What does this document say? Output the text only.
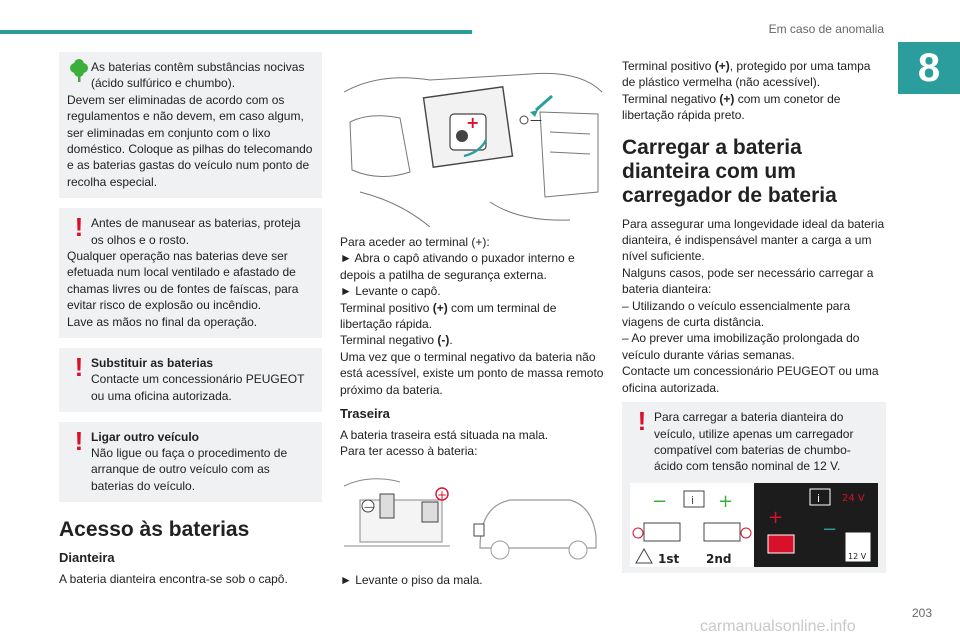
Em caso de anomalia
8

As baterias contêm substâncias nocivas (ácido sulfúrico e chumbo).

Devem ser eliminadas de acordo com os regulamentos e não devem, em caso algum, ser eliminadas em conjunto com o lixo doméstico. Coloque as pilhas do telecomando e as baterias gastas do veículo num ponto de recolha especial.

! Antes de manusear as baterias, proteja os olhos e o rosto.

Qualquer operação nas baterias deve ser efetuada num local ventilado e afastado de chamas livres ou de fontes de faíscas, para evitar risco de explosão ou incêndio.

Lave as mãos no final da operação.

! Substituir as baterias

Contacte um concessionário PEUGEOT ou uma oficina autorizada.

! Ligar outro veículo

Não ligue ou faça o procedimento de arranque de outro veículo com as baterias do veículo.

Acesso às baterias
Dianteira

A bateria dianteira encontra-se sob o capô.

+	—

Para aceder ao terminal (+):

► Abra o capô ativando o puxador interno e depois a patilha de segurança externa.

► Levante o capô.

Terminal positivo (+) com um terminal de libertação rápida.

Terminal negativo (-).

Uma vez que o terminal negativo da bateria não está acessível, existe um ponto de massa remoto próximo da bateria.

Traseira

A bateria traseira está situada na mala.

Para ter acesso à bateria:

—
+

► Levante o piso da mala.

Terminal positivo (+), protegido por uma tampa de plástico vermelha (não acessível).

Terminal negativo (+) com um conetor de libertação rápida preto.

Carregar a bateria dianteira com um carregador de bateria

Para assegurar uma longevidade ideal da bateria dianteira, é indispensável manter a carga a um nível suficiente.

Nalguns casos, pode ser necessário carregar a bateria dianteira:

– Utilizando o veículo essencialmente para viagens de curta distância.

– Ao prever uma imobilização prolongada do veículo durante várias semanas.

Contacte um concessionário PEUGEOT ou uma oficina autorizada.

! Para carregar a bateria dianteira do veículo, utilize apenas um carregador compatível com baterias de chumbo-ácido com tensão nominal de 12 V.

−	+
i
1st 2nd
i 24 V
+
−
12 V
203
carmanualsonline.info
